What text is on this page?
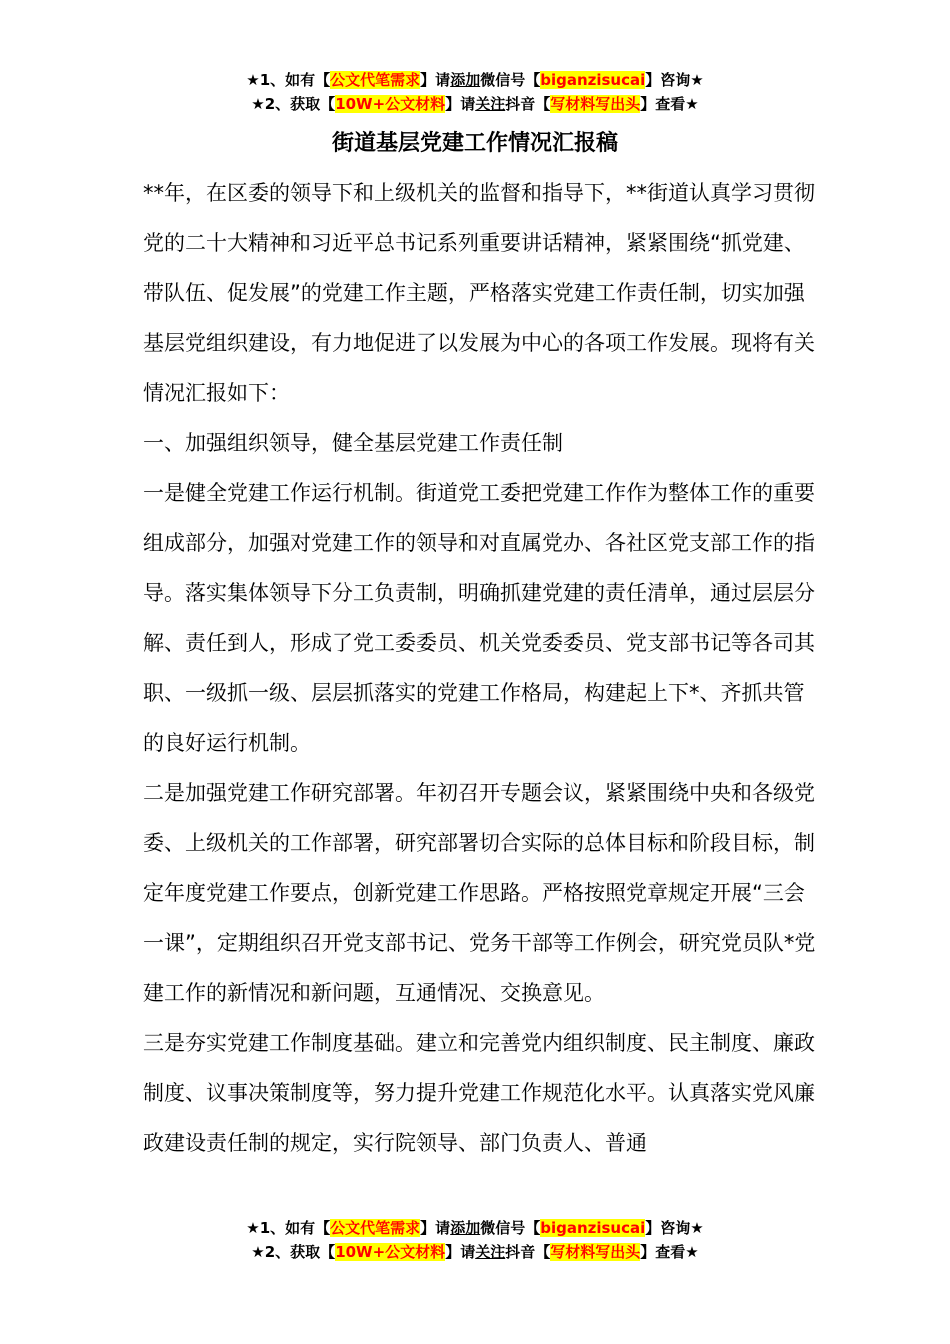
★1、如有【公文代笔需求】请添加微信号【biganzisucai】咨询★
★2、获取【10W+公文材料】请关注抖音【写材料写出头】查看★
街道基层党建工作情况汇报稿

**年，在区委的领导下和上级机关的监督和指导下，**街道认真学习贯彻党的二十大精神和习近平总书记系列重要讲话精神，紧紧围绕“抓党建、带队伍、促发展”的党建工作主题，严格落实党建工作责任制，切实加强基层党组织建设，有力地促进了以发展为中心的各项工作发展。现将有关情况汇报如下：

一、加强组织领导，健全基层党建工作责任制

一是健全党建工作运行机制。街道党工委把党建工作作为整体工作的重要组成部分，加强对党建工作的领导和对直属党办、各社区党支部工作的指导。落实集体领导下分工负责制，明确抓建党建的责任清单，通过层层分解、责任到人，形成了党工委委员、机关党委委员、党支部书记等各司其职、一级抓一级、层层抓落实的党建工作格局，构建起上下*、齐抓共管的良好运行机制。

二是加强党建工作研究部署。年初召开专题会议，紧紧围绕中央和各级党委、上级机关的工作部署，研究部署切合实际的总体目标和阶段目标，制定年度党建工作要点，创新党建工作思路。严格按照党章规定开展“三会一课”，定期组织召开党支部书记、党务干部等工作例会，研究党员队*党建工作的新情况和新问题，互通情况、交换意见。

三是夯实党建工作制度基础。建立和完善党内组织制度、民主制度、廉政制度、议事决策制度等，努力提升党建工作规范化水平。认真落实党风廉政建设责任制的规定，实行院领导、部门负责人、普通

★1、如有【公文代笔需求】请添加微信号【biganzisucai】咨询★
★2、获取【10W+公文材料】请关注抖音【写材料写出头】查看★
